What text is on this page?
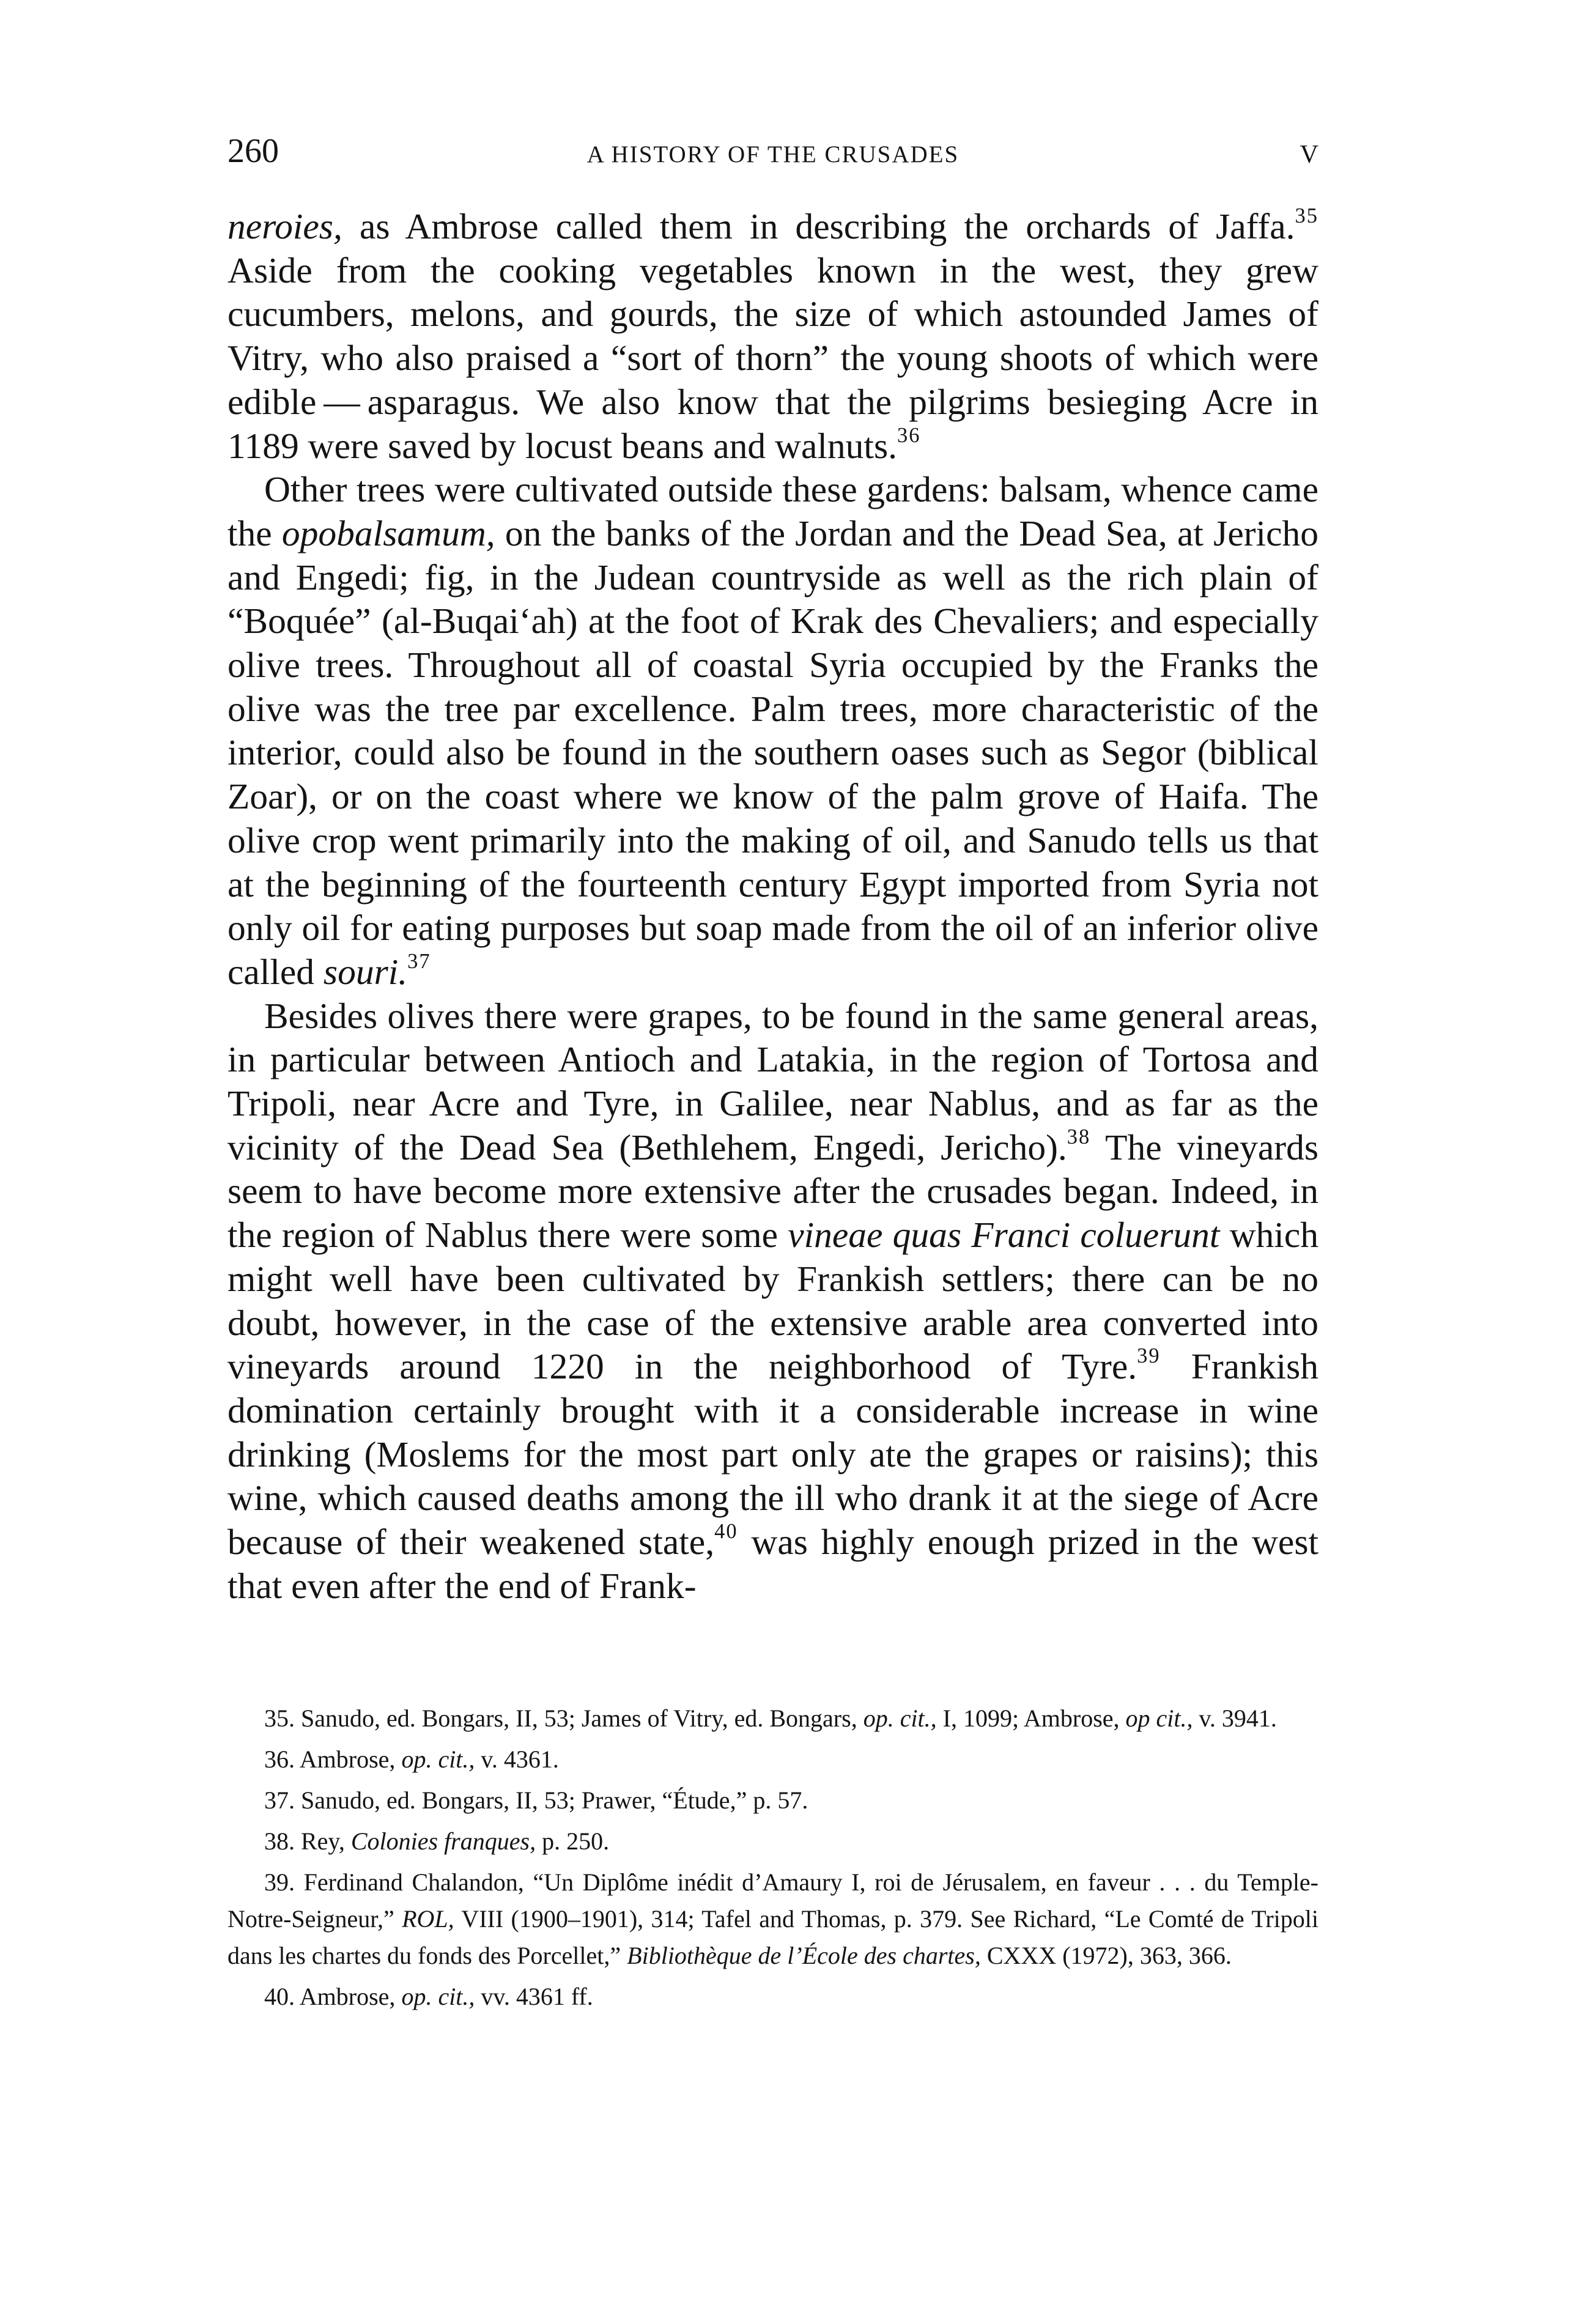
260	A HISTORY OF THE CRUSADES	V

neroies, as Ambrose called them in describing the orchards of Jaffa.$^{35}$ Aside from the cooking vegetables known in the west, they grew cucumbers, melons, and gourds, the size of which astounded James of Vitry, who also praised a “sort of thorn” the young shoots of which were edible — asparagus. We also know that the pilgrims besieging Acre in 1189 were saved by locust beans and walnuts.$^{36}$

Other trees were cultivated outside these gardens: balsam, whence came the opobalsamum, on the banks of the Jordan and the Dead Sea, at Jericho and Engedi; fig, in the Judean countryside as well as the rich plain of “Boquée” (al-Buqai‘ah) at the foot of Krak des Chevaliers; and especially olive trees. Throughout all of coastal Syria occupied by the Franks the olive was the tree par excellence. Palm trees, more characteristic of the interior, could also be found in the southern oases such as Segor (biblical Zoar), or on the coast where we know of the palm grove of Haifa. The olive crop went primarily into the making of oil, and Sanudo tells us that at the beginning of the fourteenth century Egypt imported from Syria not only oil for eating purposes but soap made from the oil of an inferior olive called souri.$^{37}$

Besides olives there were grapes, to be found in the same general areas, in particular between Antioch and Latakia, in the region of Tortosa and Tripoli, near Acre and Tyre, in Galilee, near Nablus, and as far as the vicinity of the Dead Sea (Bethlehem, Engedi, Jericho).$^{38}$ The vineyards seem to have become more extensive after the crusades began. Indeed, in the region of Nablus there were some vineae quas Franci coluerunt which might well have been cultivated by Frankish settlers; there can be no doubt, however, in the case of the extensive arable area converted into vineyards around 1220 in the neighborhood of Tyre.$^{39}$ Frankish domination certainly brought with it a considerable increase in wine drinking (Moslems for the most part only ate the grapes or raisins); this wine, which caused deaths among the ill who drank it at the siege of Acre because of their weakened state,$^{40}$ was highly enough prized in the west that even after the end of Frank-

35. Sanudo, ed. Bongars, II, 53; James of Vitry, ed. Bongars, op. cit., I, 1099; Ambrose, op cit., v. 3941.

36. Ambrose, op. cit., v. 4361.

37. Sanudo, ed. Bongars, II, 53; Prawer, “Étude,” p. 57.

38. Rey, Colonies franques, p. 250.

39. Ferdinand Chalandon, “Un Diplôme inédit d’Amaury I, roi de Jérusalem, en faveur . . . du Temple-Notre-Seigneur,” ROL, VIII (1900–1901), 314; Tafel and Thomas, p. 379. See Richard, “Le Comté de Tripoli dans les chartes du fonds des Porcellet,” Bibliothèque de l’École des chartes, CXXX (1972), 363, 366.

40. Ambrose, op. cit., vv. 4361 ff.
